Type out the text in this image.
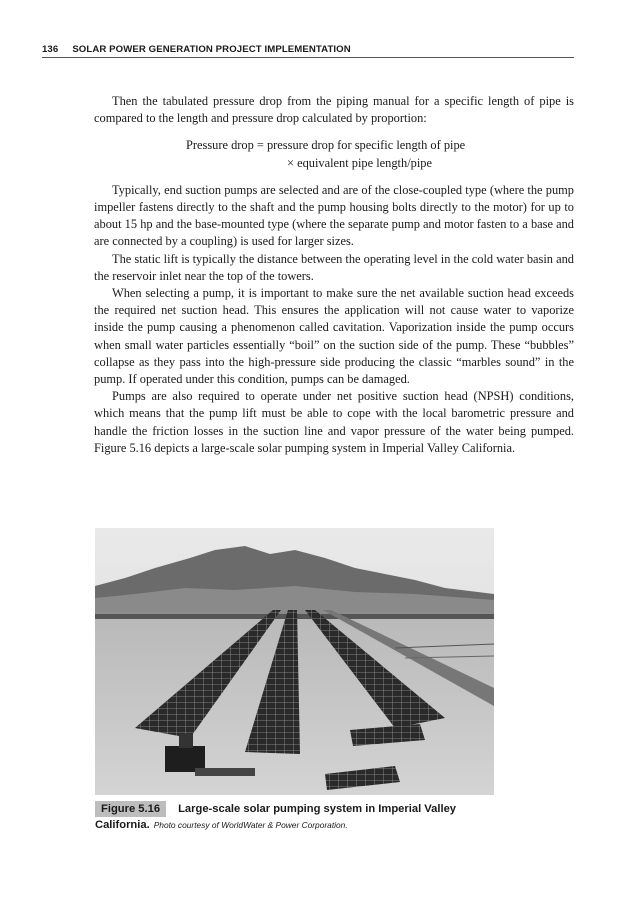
136 SOLAR POWER GENERATION PROJECT IMPLEMENTATION

Then the tabulated pressure drop from the piping manual for a specific length of pipe is compared to the length and pressure drop calculated by proportion:

Pressure drop = pressure drop for specific length of pipe
× equivalent pipe length/pipe

Typically, end suction pumps are selected and are of the close-coupled type (where the pump impeller fastens directly to the shaft and the pump housing bolts directly to the motor) for up to about 15 hp and the base-mounted type (where the separate pump and motor fasten to a base and are connected by a coupling) is used for larger sizes.

The static lift is typically the distance between the operating level in the cold water basin and the reservoir inlet near the top of the towers.

When selecting a pump, it is important to make sure the net available suction head exceeds the required net suction head. This ensures the application will not cause water to vaporize inside the pump causing a phenomenon called cavitation. Vaporization inside the pump occurs when small water particles essentially “boil” on the suction side of the pump. These “bubbles” collapse as they pass into the high-pressure side producing the classic “marbles sound” in the pump. If operated under this condition, pumps can be damaged.

Pumps are also required to operate under net positive suction head (NPSH) conditions, which means that the pump lift must be able to cope with the local barometric pressure and handle the friction losses in the suction line and vapor pressure of the water being pumped. Figure 5.16 depicts a large-scale solar pumping system in Imperial Valley California.

Figure 5.16 Large-scale solar pumping system in Imperial Valley California. Photo courtesy of WorldWater & Power Corporation.
